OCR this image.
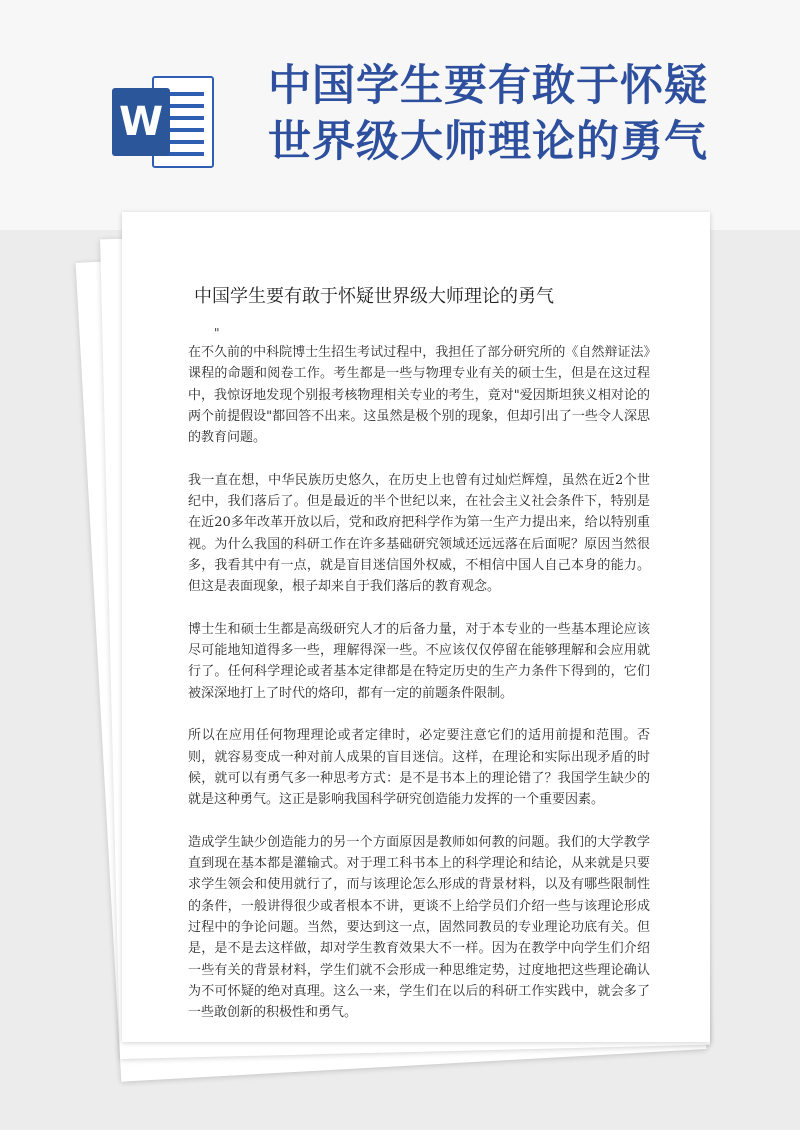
W
中国学生要有敢于怀疑
世界级大师理论的勇气
中国学生要有敢于怀疑世界级大师理论的勇气
"

在不久前的中科院博士生招生考试过程中，我担任了部分研究所的《自然辩证法》课程的命题和阅卷工作。考生都是一些与物理专业有关的硕士生，但是在这过程中，我惊讶地发现个别报考核物理相关专业的考生，竟对"爱因斯坦狭义相对论的两个前提假设"都回答不出来。这虽然是极个别的现象，但却引出了一些令人深思的教育问题。

我一直在想，中华民族历史悠久，在历史上也曾有过灿烂辉煌，虽然在近2个世纪中，我们落后了。但是最近的半个世纪以来，在社会主义社会条件下，特别是在近20多年改革开放以后，党和政府把科学作为第一生产力提出来，给以特别重视。为什么我国的科研工作在许多基础研究领域还远远落在后面呢？原因当然很多，我看其中有一点，就是盲目迷信国外权威，不相信中国人自己本身的能力。但这是表面现象，根子却来自于我们落后的教育观念。

博士生和硕士生都是高级研究人才的后备力量，对于本专业的一些基本理论应该尽可能地知道得多一些，理解得深一些。不应该仅仅停留在能够理解和会应用就行了。任何科学理论或者基本定律都是在特定历史的生产力条件下得到的，它们被深深地打上了时代的烙印，都有一定的前题条件限制。

所以在应用任何物理理论或者定律时，必定要注意它们的适用前提和范围。否则，就容易变成一种对前人成果的盲目迷信。这样，在理论和实际出现矛盾的时候，就可以有勇气多一种思考方式：是不是书本上的理论错了？我国学生缺少的就是这种勇气。这正是影响我国科学研究创造能力发挥的一个重要因素。

造成学生缺少创造能力的另一个方面原因是教师如何教的问题。我们的大学教学直到现在基本都是灌输式。对于理工科书本上的科学理论和结论，从来就是只要求学生领会和使用就行了，而与该理论怎么形成的背景材料，以及有哪些限制性的条件，一般讲得很少或者根本不讲，更谈不上给学员们介绍一些与该理论形成过程中的争论问题。当然，要达到这一点，固然同教员的专业理论功底有关。但是，是不是去这样做，却对学生教育效果大不一样。因为在教学中向学生们介绍一些有关的背景材料，学生们就不会形成一种思维定势，过度地把这些理论确认为不可怀疑的绝对真理。这么一来，学生们在以后的科研工作实践中，就会多了一些敢创新的积极性和勇气。
